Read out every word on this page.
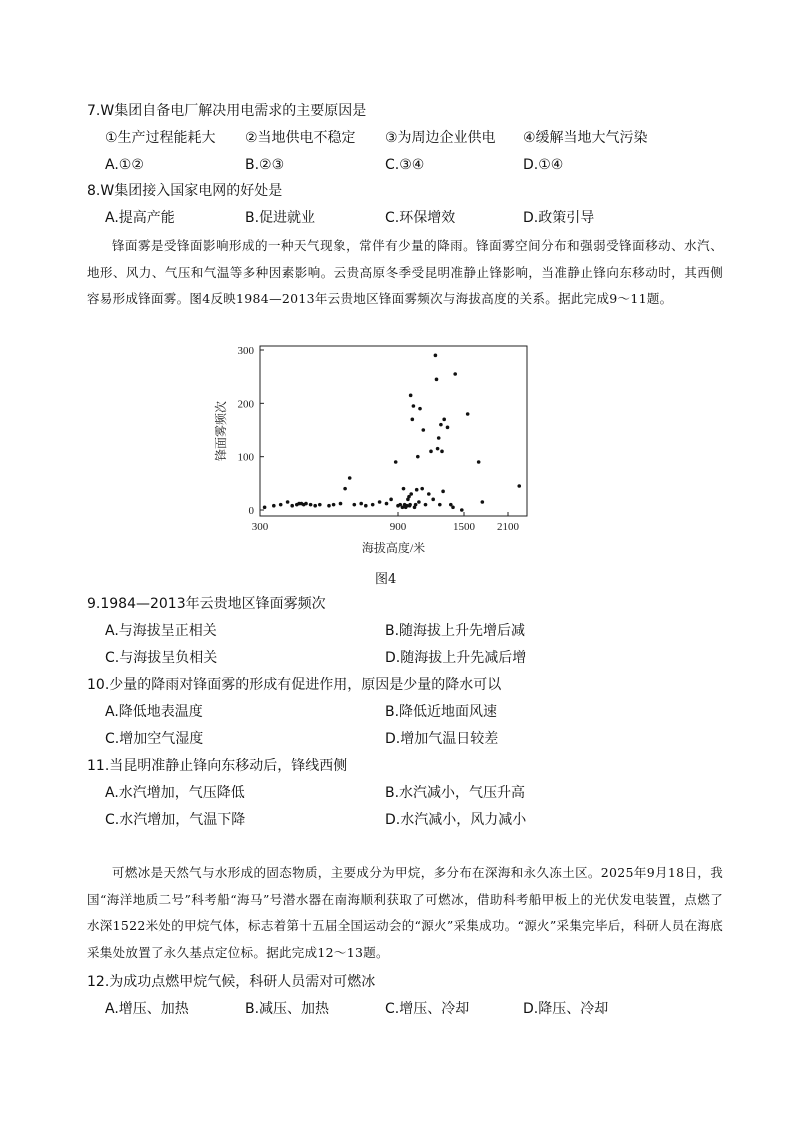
7.W集团自备电厂解决用电需求的主要原因是
①生产过程能耗大 ②当地供电不稳定 ③为周边企业供电 ④缓解当地大气污染
A.①②	B.②③	C.③④	D.①④
8.W集团接入国家电网的好处是
A.提高产能	B.促进就业	C.环保增效	D.政策引导

锋面雾是受锋面影响形成的一种天气现象，常伴有少量的降雨。锋面雾空间分布和强弱受锋面移动、水汽、地形、风力、气压和气温等多种因素影响。云贵高原冬季受昆明准静止锋影响，当准静止锋向东移动时，其西侧容易形成锋面雾。图4反映1984—2013年云贵地区锋面雾频次与海拔高度的关系。据此完成9～11题。

0
100
200
300
300	900	1500 2100
海拔高度/米
锋面雾频次
图4
9.1984—2013年云贵地区锋面雾频次
A.与海拔呈正相关	B.随海拔上升先增后减
C.与海拔呈负相关	D.随海拔上升先减后增
10.少量的降雨对锋面雾的形成有促进作用，原因是少量的降水可以
A.降低地表温度	B.降低近地面风速
C.增加空气湿度	D.增加气温日较差
11.当昆明准静止锋向东移动后，锋线西侧
A.水汽增加，气压降低	B.水汽减小，气压升高
C.水汽增加，气温下降	D.水汽减小，风力减小

可燃冰是天然气与水形成的固态物质，主要成分为甲烷，多分布在深海和永久冻土区。2025年9月18日，我国“海洋地质二号”科考船“海马”号潜水器在南海顺利获取了可燃冰，借助科考船甲板上的光伏发电装置，点燃了水深1522米处的甲烷气体，标志着第十五届全国运动会的“源火”采集成功。“源火”采集完毕后，科研人员在海底采集处放置了永久基点定位标。据此完成12～13题。

12.为成功点燃甲烷气候，科研人员需对可燃冰
A.增压、加热	B.减压、加热	C.增压、冷却	D.降压、冷却
